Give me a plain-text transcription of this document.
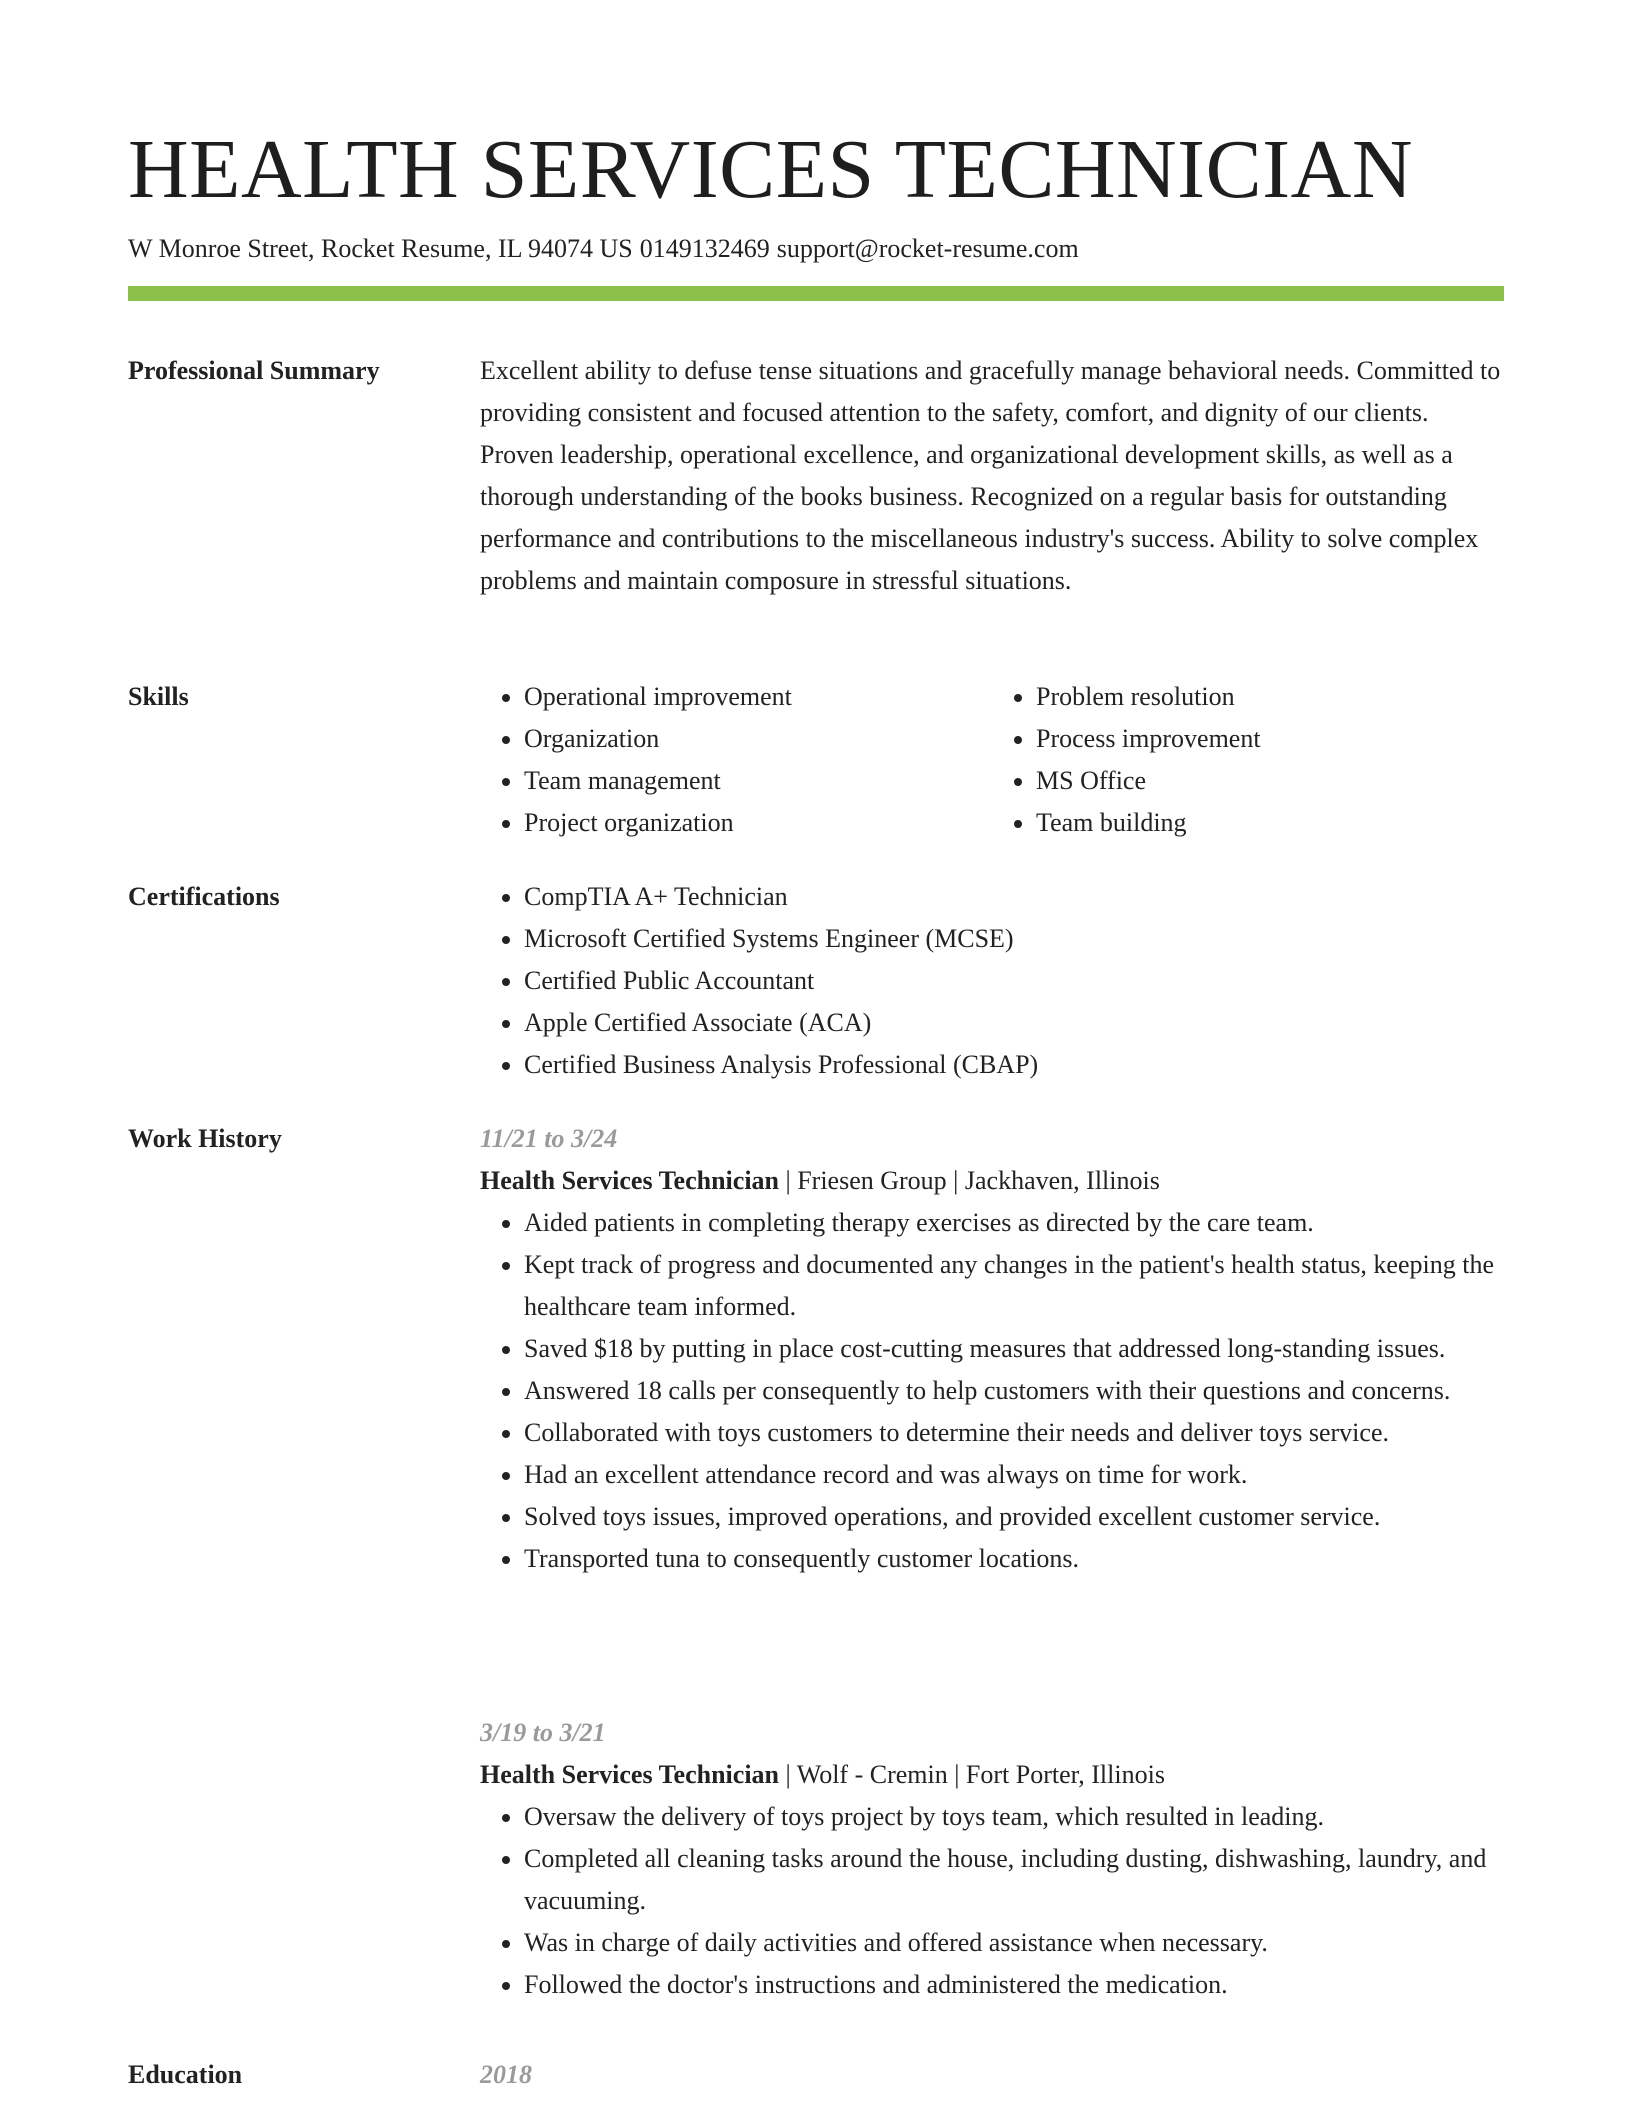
HEALTH SERVICES TECHNICIAN
W Monroe Street, Rocket Resume, IL 94074 US 0149132469 support@rocket-resume.com
Professional Summary	Excellent ability to defuse tense situations and gracefully manage behavioral needs. Committed to providing consistent and focused attention to the safety, comfort, and dignity of our clients. Proven leadership, operational excellence, and organizational development skills, as well as a thorough understanding of the books business. Recognized on a regular basis for outstanding performance and contributions to the miscellaneous industry's success. Ability to solve complex problems and maintain composure in stressful situations.

Skills	• Operational improvement
• Organization
• Team management
• Project organization
• Problem resolution
• Process improvement
• MS Office
• Team building
Certifications	• CompTIA A+ Technician
• Microsoft Certified Systems Engineer (MCSE)
• Certified Public Accountant
• Apple Certified Associate (ACA)
• Certified Business Analysis Professional (CBAP)
Work History	11/21 to 3/24
Health Services Technician | Friesen Group | Jackhaven, Illinois
• Aided patients in completing therapy exercises as directed by the care team.
• Kept track of progress and documented any changes in the patient's health status, keeping the healthcare team informed.
• Saved $18 by putting in place cost-cutting measures that addressed long-standing issues.
• Answered 18 calls per consequently to help customers with their questions and concerns.
• Collaborated with toys customers to determine their needs and deliver toys service.
• Had an excellent attendance record and was always on time for work.
• Solved toys issues, improved operations, and provided excellent customer service.
• Transported tuna to consequently customer locations.
3/19 to 3/21
Health Services Technician | Wolf - Cremin | Fort Porter, Illinois
• Oversaw the delivery of toys project by toys team, which resulted in leading.
• Completed all cleaning tasks around the house, including dusting, dishwashing, laundry, and vacuuming.
• Was in charge of daily activities and offered assistance when necessary.
• Followed the doctor's instructions and administered the medication.
Education	2018
